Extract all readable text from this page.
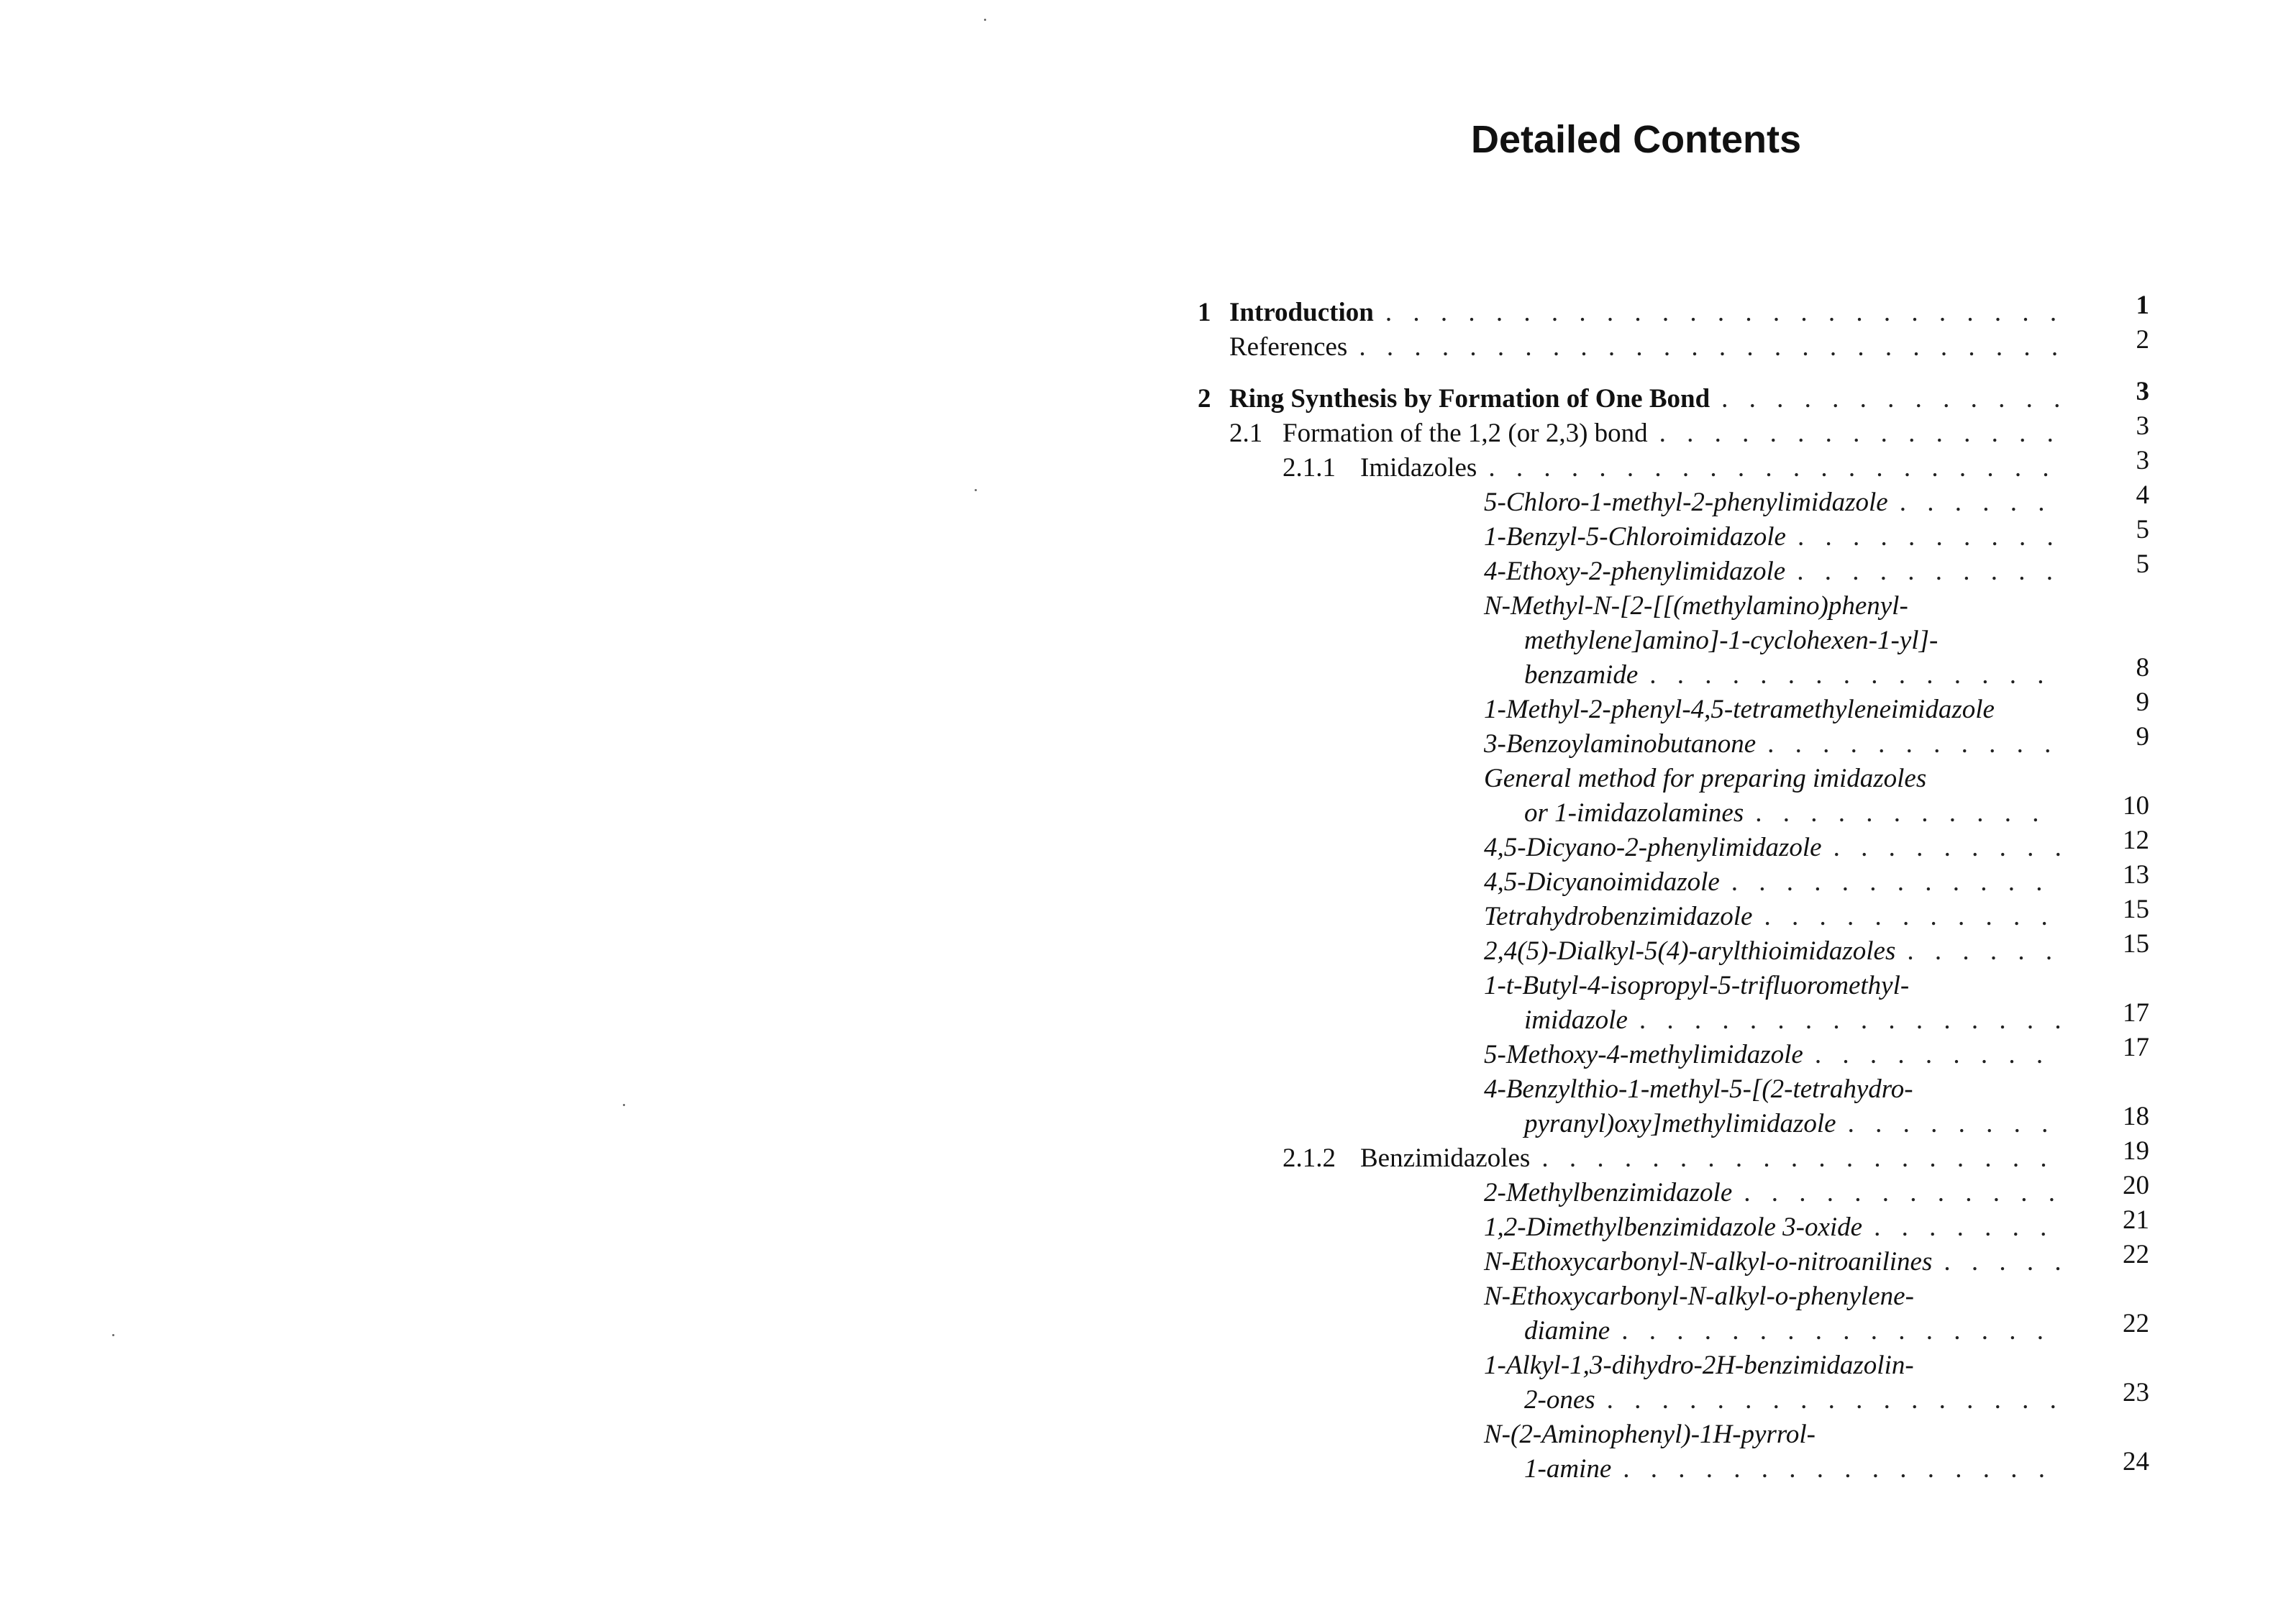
Detailed Contents
1 Introduction . . .	1
References . . .	2
2 Ring Synthesis by Formation of One Bond . . .	3
2.1 Formation of the 1,2 (or 2,3) bond . . .	3
2.1.1 Imidazoles . . .	3
5-Chloro-1-methyl-2-phenylimidazole . . .	4
1-Benzyl-5-Chloroimidazole . . .	5
4-Ethoxy-2-phenylimidazole . . .	5
N-Methyl-N-[2-[[(methylamino)phenyl-
methylene]amino]-1-cyclohexen-1-yl]-
benzamide . . .	8
1-Methyl-2-phenyl-4,5-tetramethyleneimidazole	9
3-Benzoylaminobutanone . . .	9
General method for preparing imidazoles
or 1-imidazolamines . . .	10
4,5-Dicyano-2-phenylimidazole . . .	12
4,5-Dicyanoimidazole . . .	13
Tetrahydrobenzimidazole . . .	15
2,4(5)-Dialkyl-5(4)-arylthioimidazoles . . .	15
1-t-Butyl-4-isopropyl-5-trifluoromethyl-
imidazole . . .	17
5-Methoxy-4-methylimidazole . . .	17
4-Benzylthio-1-methyl-5-[(2-tetrahydro-
pyranyl)oxy]methylimidazole . . .	18
2.1.2 Benzimidazoles . . .	19
2-Methylbenzimidazole . . .	20
1,2-Dimethylbenzimidazole 3-oxide . . .	21
N-Ethoxycarbonyl-N-alkyl-o-nitroanilines . . .	22
N-Ethoxycarbonyl-N-alkyl-o-phenylene-
diamine . . .	22
1-Alkyl-1,3-dihydro-2H-benzimidazolin-
2-ones . . .	23
N-(2-Aminophenyl)-1H-pyrrol-
1-amine . . .	24
